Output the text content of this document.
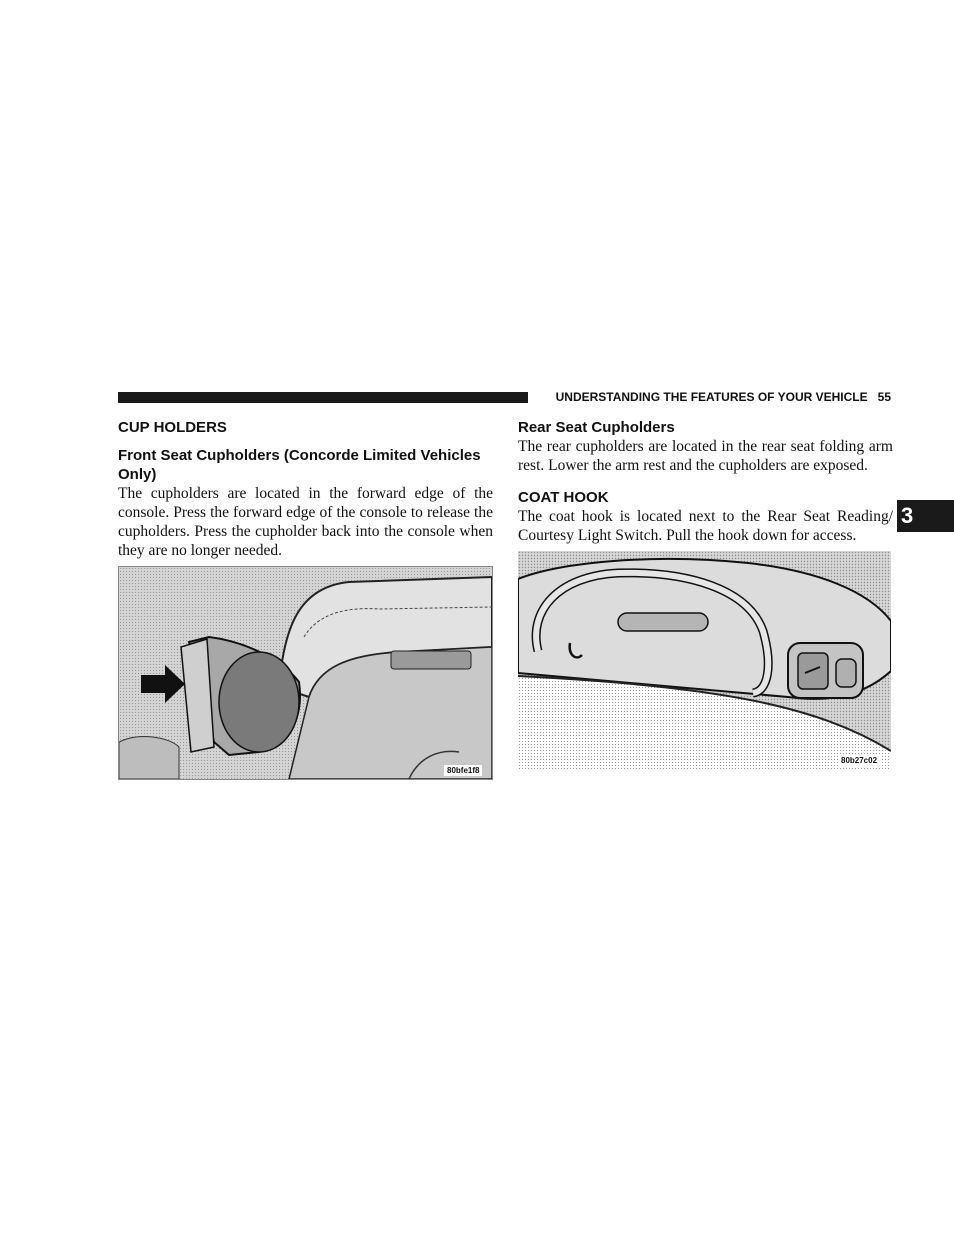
UNDERSTANDING THE FEATURES OF YOUR VEHICLE 55
CUP HOLDERS
Front Seat Cupholders (Concorde Limited Vehicles Only)

The cupholders are located in the forward edge of the console. Press the forward edge of the console to release the cupholders. Press the cupholder back into the console when they are no longer needed.

80bfe1f8
Rear Seat Cupholders

The rear cupholders are located in the rear seat folding arm rest. Lower the arm rest and the cupholders are exposed.

COAT HOOK

The coat hook is located next to the Rear Seat Reading/ Courtesy Light Switch. Pull the hook down for access.

80b27c02
3
